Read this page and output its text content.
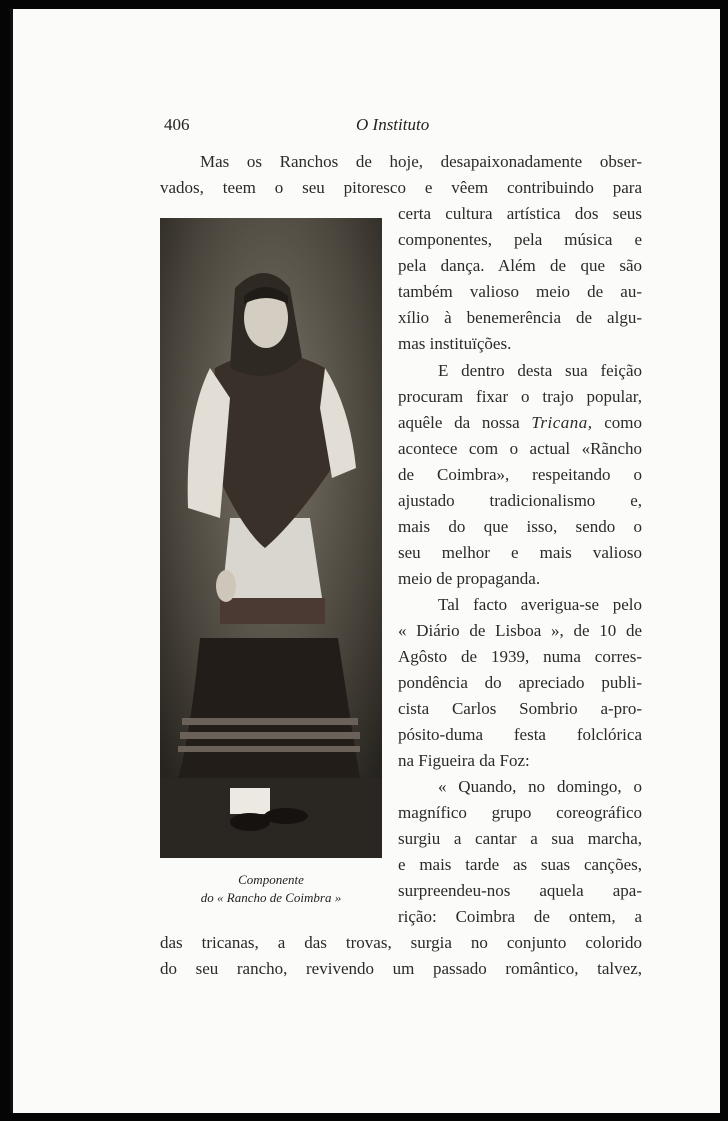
406	O Instituto
Mas os Ranchos de hoje, desapaixonadamente obser-
vados, teem o seu pitoresco e vêem contribuindo para
certa cultura artística dos seus
componentes, pela música e
pela dança. Além de que são
também valioso meio de au-
xílio à benemerência de algu-
mas instituïções.
E dentro desta sua feição
procuram fixar o trajo popular,
aquêle da nossa Tricana, como
acontece com o actual «Rãncho
de Coimbra», respeitando o
ajustado tradicionalismo e,
mais do que isso, sendo o
seu melhor e mais valioso
meio de propaganda.
Tal facto averigua-se pelo
« Diário de Lisboa », de 10 de
Agôsto de 1939, numa corres-
pondência do apreciado publi-
cista Carlos Sombrio a-pro-
pósito-duma festa folclórica
na Figueira da Foz:
« Quando, no domingo, o
magnífico grupo coreográfico
surgiu a cantar a sua marcha,
e mais tarde as suas canções,
surpreendeu-nos aquela apa-
rição: Coimbra de ontem, a
das tricanas, a das trovas, surgia no conjunto colorido
do seu rancho, revivendo um passado romântico, talvez,
Componente
do « Rancho de Coimbra »
